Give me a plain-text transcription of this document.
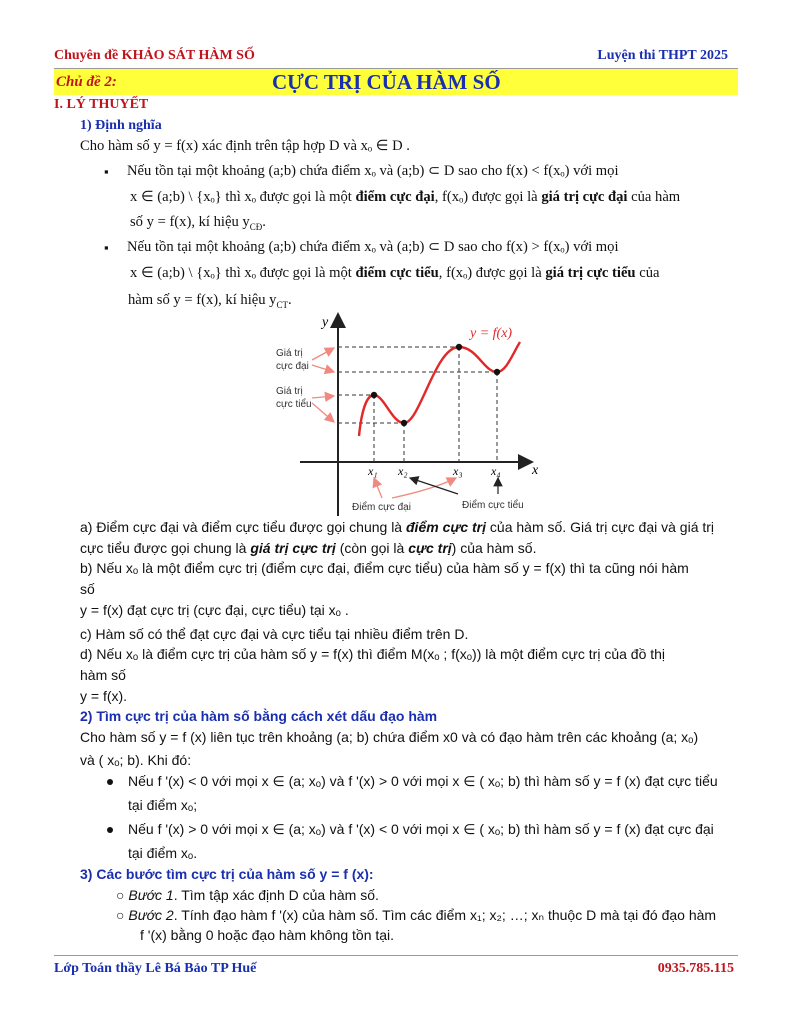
Chuyên đề KHẢO SÁT HÀM SỐ	Luyện thi THPT 2025
Chủ đề 2:	CỰC TRỊ CỦA HÀM SỐ
I. LÝ THUYẾT
1) Định nghĩa
Cho hàm số y = f(x) xác định trên tập hợp D và xₒ ∈ D .
▪ Nếu tồn tại một khoảng (a;b) chứa điểm xₒ và (a;b) ⊂ D sao cho f(x) < f(xₒ) với mọi
x ∈ (a;b) \ {xₒ} thì xₒ được gọi là một điểm cực đại, f(xₒ) được gọi là giá trị cực đại của hàm
số y = f(x), kí hiệu $y_{CĐ}$.
▪ Nếu tồn tại một khoảng (a;b) chứa điểm xₒ và (a;b) ⊂ D sao cho f(x) > f(xₒ) với mọi
x ∈ (a;b) \ {xₒ} thì xₒ được gọi là một điểm cực tiểu, f(xₒ) được gọi là giá trị cực tiểu của
hàm số y = f(x), kí hiệu $y_{CT}$.
y
x
y = f(x)
Giá trị
cực đại
Giá trị
cực tiểu
x₁ x₂	x₃ x₄
Điểm cực đại	Điểm cực tiểu
a) Điểm cực đại và điểm cực tiểu được gọi chung là điểm cực trị của hàm số. Giá trị cực đại và giá trị
cực tiểu được gọi chung là giá trị cực trị (còn gọi là cực trị) của hàm số.
b) Nếu xₒ là một điểm cực trị (điểm cực đại, điểm cực tiểu) của hàm số y = f(x) thì ta cũng nói hàm
số
y = f(x) đạt cực trị (cực đại, cực tiểu) tại xₒ .
c) Hàm số có thể đạt cực đại và cực tiểu tại nhiều điểm trên D.
d) Nếu xₒ là điểm cực trị của hàm số y = f(x) thì điểm M(xₒ ; f(xₒ)) là một điểm cực trị của đồ thị
hàm số
y = f(x).
2) Tìm cực trị của hàm số bằng cách xét dấu đạo hàm
Cho hàm số y = f (x) liên tục trên khoảng (a; b) chứa điểm x0 và có đạo hàm trên các khoảng (a; xₒ)
và ( xₒ; b). Khi đó:
Nếu f '(x) < 0 với mọi x ∈ (a; xₒ) và f '(x) > 0 với mọi x ∈ ( xₒ; b) thì hàm số y = f (x) đạt cực tiểu
tại điểm xₒ;
Nếu f '(x) > 0 với mọi x ∈ (a; xₒ) và f '(x) < 0 với mọi x ∈ ( xₒ; b) thì hàm số y = f (x) đạt cực đại
tại điểm xₒ.
3) Các bước tìm cực trị của hàm số y = f (x):
○ Bước 1. Tìm tập xác định D của hàm số.
○ Bước 2. Tính đạo hàm f '(x) của hàm số. Tìm các điểm x₁; x₂; …; xₙ thuộc D mà tại đó đạo hàm
f '(x) bằng 0 hoặc đạo hàm không tồn tại.
Lớp Toán thầy Lê Bá Bảo TP Huế	0935.785.115
